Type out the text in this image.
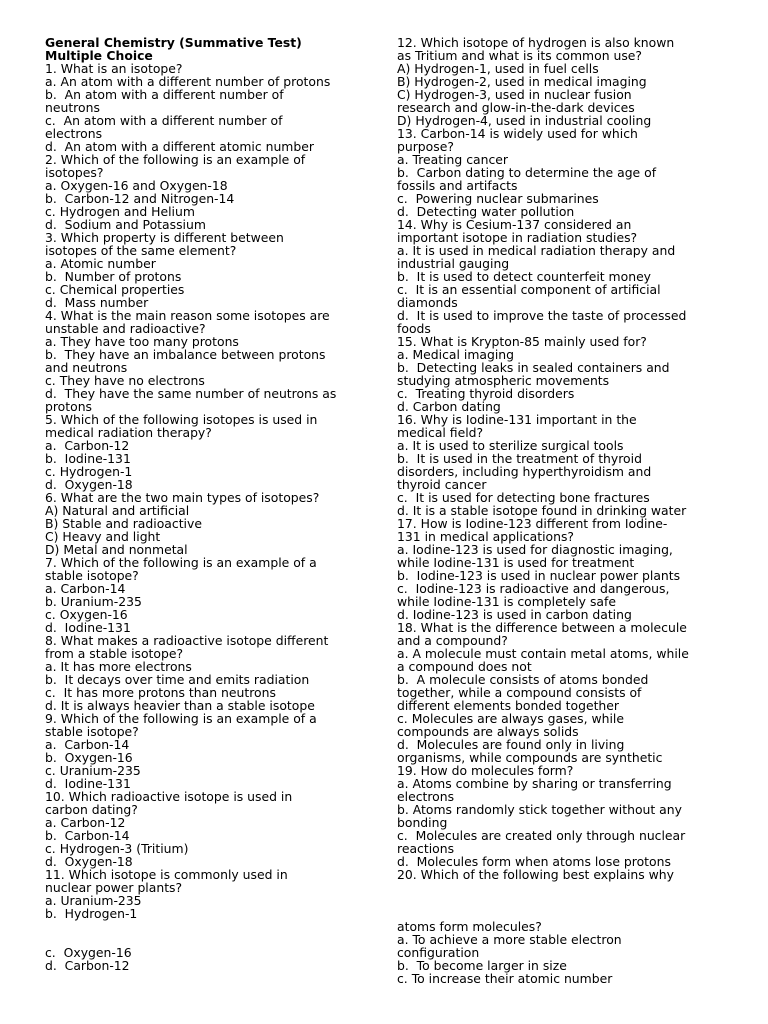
General Chemistry (Summative Test)
Multiple Choice
1. What is an isotope?
a. An atom with a different number of protons
b.  An atom with a different number of
neutrons
c.  An atom with a different number of
electrons
d.  An atom with a different atomic number
2. Which of the following is an example of
isotopes?
a. Oxygen-16 and Oxygen-18
b.  Carbon-12 and Nitrogen-14
c. Hydrogen and Helium
d.  Sodium and Potassium
3. Which property is different between
isotopes of the same element?
a. Atomic number
b.  Number of protons
c. Chemical properties
d.  Mass number
4. What is the main reason some isotopes are
unstable and radioactive?
a. They have too many protons
b.  They have an imbalance between protons
and neutrons
c. They have no electrons
d.  They have the same number of neutrons as
protons
5. Which of the following isotopes is used in
medical radiation therapy?
a.  Carbon-12
b.  Iodine-131
c. Hydrogen-1
d.  Oxygen-18
6. What are the two main types of isotopes?
A) Natural and artificial
B) Stable and radioactive
C) Heavy and light
D) Metal and nonmetal
7. Which of the following is an example of a
stable isotope?
a. Carbon-14
b. Uranium-235
c. Oxygen-16
d.  Iodine-131
8. What makes a radioactive isotope different
from a stable isotope?
a. It has more electrons
b.  It decays over time and emits radiation
c.  It has more protons than neutrons
d. It is always heavier than a stable isotope
9. Which of the following is an example of a
stable isotope?
a.  Carbon-14
b.  Oxygen-16
c. Uranium-235
d.  Iodine-131
10. Which radioactive isotope is used in
carbon dating?
a. Carbon-12
b.  Carbon-14
c. Hydrogen-3 (Tritium)
d.  Oxygen-18
11. Which isotope is commonly used in
nuclear power plants?
a. Uranium-235
b.  Hydrogen-1
c.  Oxygen-16
d.  Carbon-12
12. Which isotope of hydrogen is also known
as Tritium and what is its common use?
A) Hydrogen-1, used in fuel cells
B) Hydrogen-2, used in medical imaging
C) Hydrogen-3, used in nuclear fusion
research and glow-in-the-dark devices
D) Hydrogen-4, used in industrial cooling
13. Carbon-14 is widely used for which
purpose?
a. Treating cancer
b.  Carbon dating to determine the age of
fossils and artifacts
c.  Powering nuclear submarines
d.  Detecting water pollution
14. Why is Cesium-137 considered an
important isotope in radiation studies?
a. It is used in medical radiation therapy and
industrial gauging
b.  It is used to detect counterfeit money
c.  It is an essential component of artificial
diamonds
d.  It is used to improve the taste of processed
foods
15. What is Krypton-85 mainly used for?
a. Medical imaging
b.  Detecting leaks in sealed containers and
studying atmospheric movements
c.  Treating thyroid disorders
d. Carbon dating
16. Why is Iodine-131 important in the
medical field?
a. It is used to sterilize surgical tools
b.  It is used in the treatment of thyroid
disorders, including hyperthyroidism and
thyroid cancer
c.  It is used for detecting bone fractures
d. It is a stable isotope found in drinking water
17. How is Iodine-123 different from Iodine-
131 in medical applications?
a. Iodine-123 is used for diagnostic imaging,
while Iodine-131 is used for treatment
b.  Iodine-123 is used in nuclear power plants
c.  Iodine-123 is radioactive and dangerous,
while Iodine-131 is completely safe
d. Iodine-123 is used in carbon dating
18. What is the difference between a molecule
and a compound?
a. A molecule must contain metal atoms, while
a compound does not
b.  A molecule consists of atoms bonded
together, while a compound consists of
different elements bonded together
c. Molecules are always gases, while
compounds are always solids
d.  Molecules are found only in living
organisms, while compounds are synthetic
19. How do molecules form?
a. Atoms combine by sharing or transferring
electrons
b. Atoms randomly stick together without any
bonding
c.  Molecules are created only through nuclear
reactions
d.  Molecules form when atoms lose protons
20. Which of the following best explains why
atoms form molecules?
a. To achieve a more stable electron
configuration
b.  To become larger in size
c. To increase their atomic number
